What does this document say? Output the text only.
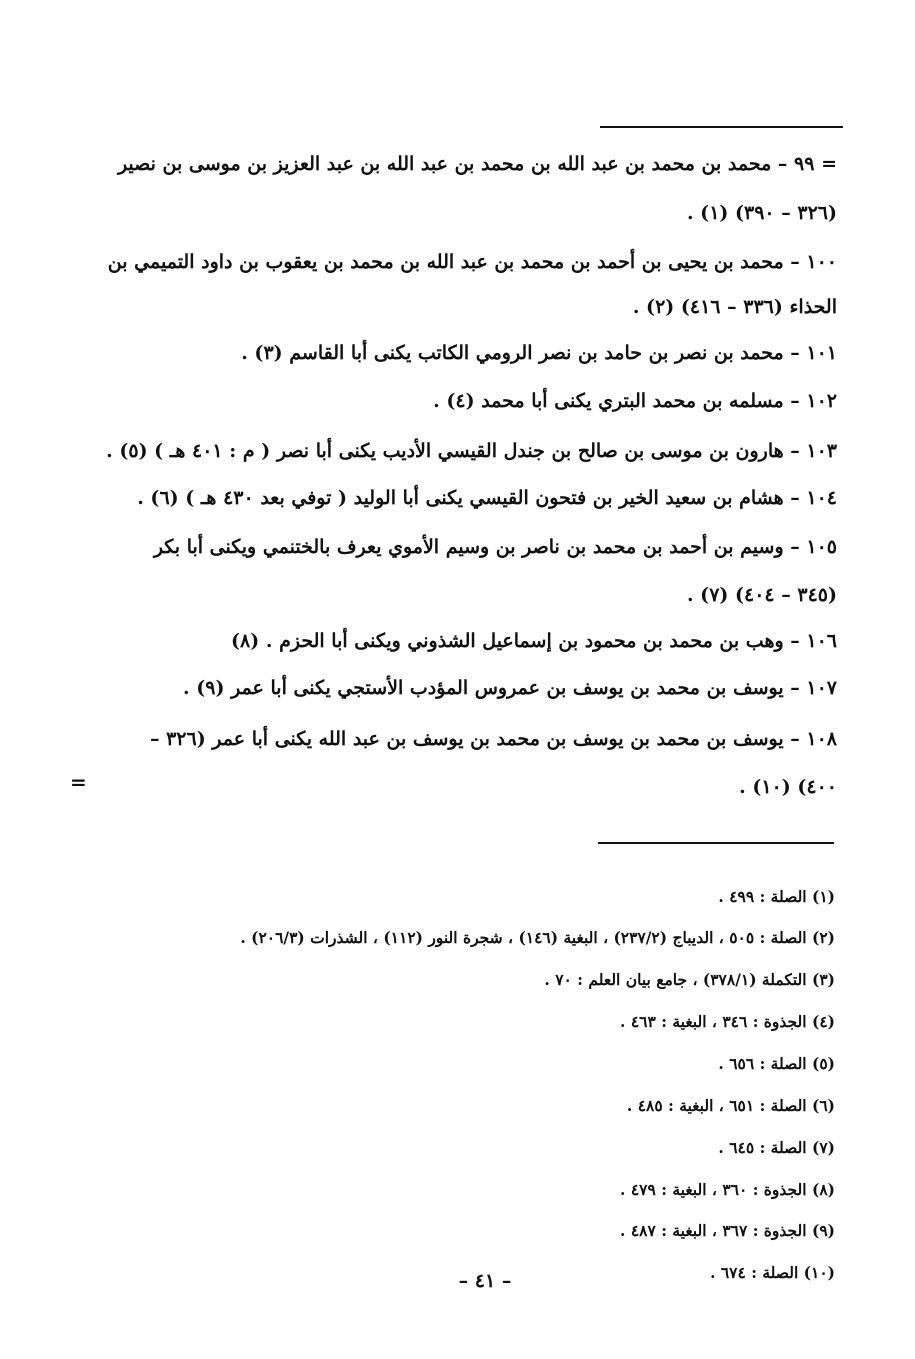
= ٩٩ – محمد بن محمد بن عبد الله بن محمد بن عبد الله بن عبد العزيز بن موسى بن نصير
(٣٢٦ – ٣٩٠) (١) .
١٠٠ – محمد بن يحيى بن أحمد بن محمد بن عبد الله بن محمد بن يعقوب بن داود التميمي بن
الحذاء (٣٣٦ – ٤١٦) (٢) .
١٠١ – محمد بن نصر بن حامد بن نصر الرومي الكاتب يكنى أبا القاسم (٣) .
١٠٢ – مسلمه بن محمد البتري يكنى أبا محمد (٤) .
١٠٣ – هارون بن موسى بن صالح بن جندل القيسي الأديب يكنى أبا نصر ( م : ٤٠١ هـ ) (٥) .
١٠٤ – هشام بن سعيد الخير بن فتحون القيسي يكنى أبا الوليد ( توفي بعد ٤٣٠ هـ ) (٦) .
١٠٥ – وسيم بن أحمد بن محمد بن ناصر بن وسيم الأموي يعرف بالختنمي ويكنى أبا بكر
(٣٤٥ – ٤٠٤) (٧) .
١٠٦ – وهب بن محمد بن محمود بن إسماعيل الشذوني ويكنى أبا الحزم . (٨)
١٠٧ – يوسف بن محمد بن يوسف بن عمروس المؤدب الأستجي يكنى أبا عمر (٩) .
١٠٨ – يوسف بن محمد بن يوسف بن محمد بن يوسف بن عبد الله يكنى أبا عمر (٣٢٦ –
٤٠٠) (١٠) .
=
(١) الصلة : ٤٩٩ .
(٢) الصلة : ٥٠٥ ، الديباج (٢٣٧/٢) ، البغية (١٤٦) ، شجرة النور (١١٢) ، الشذرات (٢٠٦/٣) .
(٣) التكملة (٣٧٨/١) ، جامع بيان العلم : ٧٠ .
(٤) الجذوة : ٣٤٦ ، البغية : ٤٦٣ .
(٥) الصلة : ٦٥٦ .
(٦) الصلة : ٦٥١ ، البغية : ٤٨٥ .
(٧) الصلة : ٦٤٥ .
(٨) الجذوة : ٣٦٠ ، البغية : ٤٧٩ .
(٩) الجذوة : ٣٦٧ ، البغية : ٤٨٧ .
(١٠) الصلة : ٦٧٤ .
– ٤١ –
